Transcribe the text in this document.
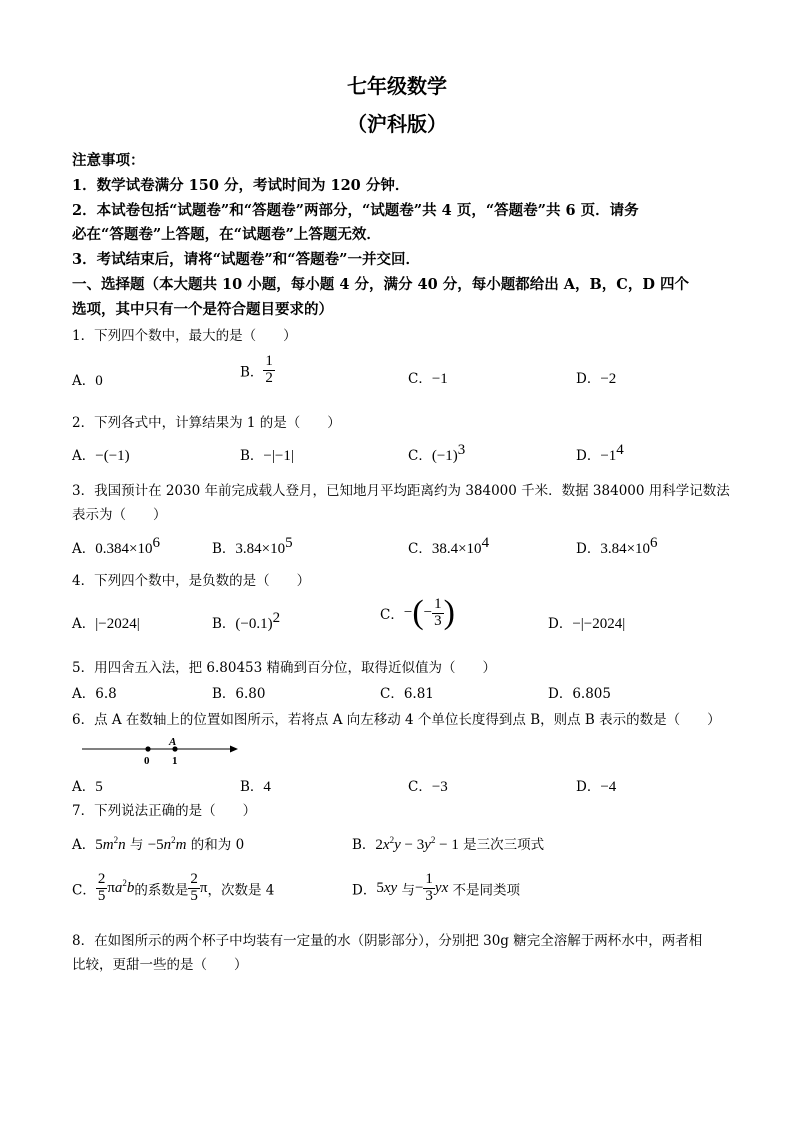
七年级数学
（沪科版）
注意事项：
1．数学试卷满分 150 分，考试时间为 120 分钟．
2．本试卷包括“试题卷”和“答题卷”两部分，“试题卷”共 4 页，“答题卷”共 6 页．请务
必在“答题卷”上答题，在“试题卷”上答题无效．
3．考试结束后，请将“试题卷”和“答题卷”一并交回．
一、选择题（本大题共 10 小题，每小题 4 分，满分 40 分，每小题都给出 A，B，C，D 四个
选项，其中只有一个是符合题目要求的）
1．下列四个数中，最大的是（　　）
A．0
B． $\frac{1}{2}$	C．−1	D．−2
2．下列各式中，计算结果为 1 的是（　　）
A．−(−1)	B．−|−1|	C．$(-1)^3$	D．$-1^4$
3．我国预计在 2030 年前完成载人登月，已知地月平均距离约为 384000 千米．数据 384000 用科学记数法
表示为（　　）
A．$0.384\times 10^6$	B．$3.84\times 10^5$	C．$38.4\times 10^4$	D．$3.84\times 10^6$
4．下列四个数中，是负数的是（　　）
A．|−2024|	B．$(-0.1)^2$	C．−(− $\frac{1}{3}$ )	D．−|−2024|
5．用四舍五入法，把 6.80453 精确到百分位，取得近似值为（　　）
A．6.8	B．6.80	C．6.81	D．6.805
6．点 A 在数轴上的位置如图所示，若将点 A 向左移动 4 个单位长度得到点 B，则点 B 表示的数是（　　）
A
0 1
A．5	B．4	C．−3	D．−4
7．下列说法正确的是（　　）
A．$5m^2n$ 与 $-5n^2m$ 的和为 0	B．$2x^2y - 3y^2 - 1$ 是三次三项式
C． $\frac{2}{5} \pi a^2b$的系数是 $\frac{2}{5}$ π，次数是 4	D．5xy 与− $\frac{1}{3}$ yx 不是同类项
8．在如图所示的两个杯子中均装有一定量的水（阴影部分），分别把 30g 糖完全溶解于两杯水中，两者相
比较，更甜一些的是（　　）
